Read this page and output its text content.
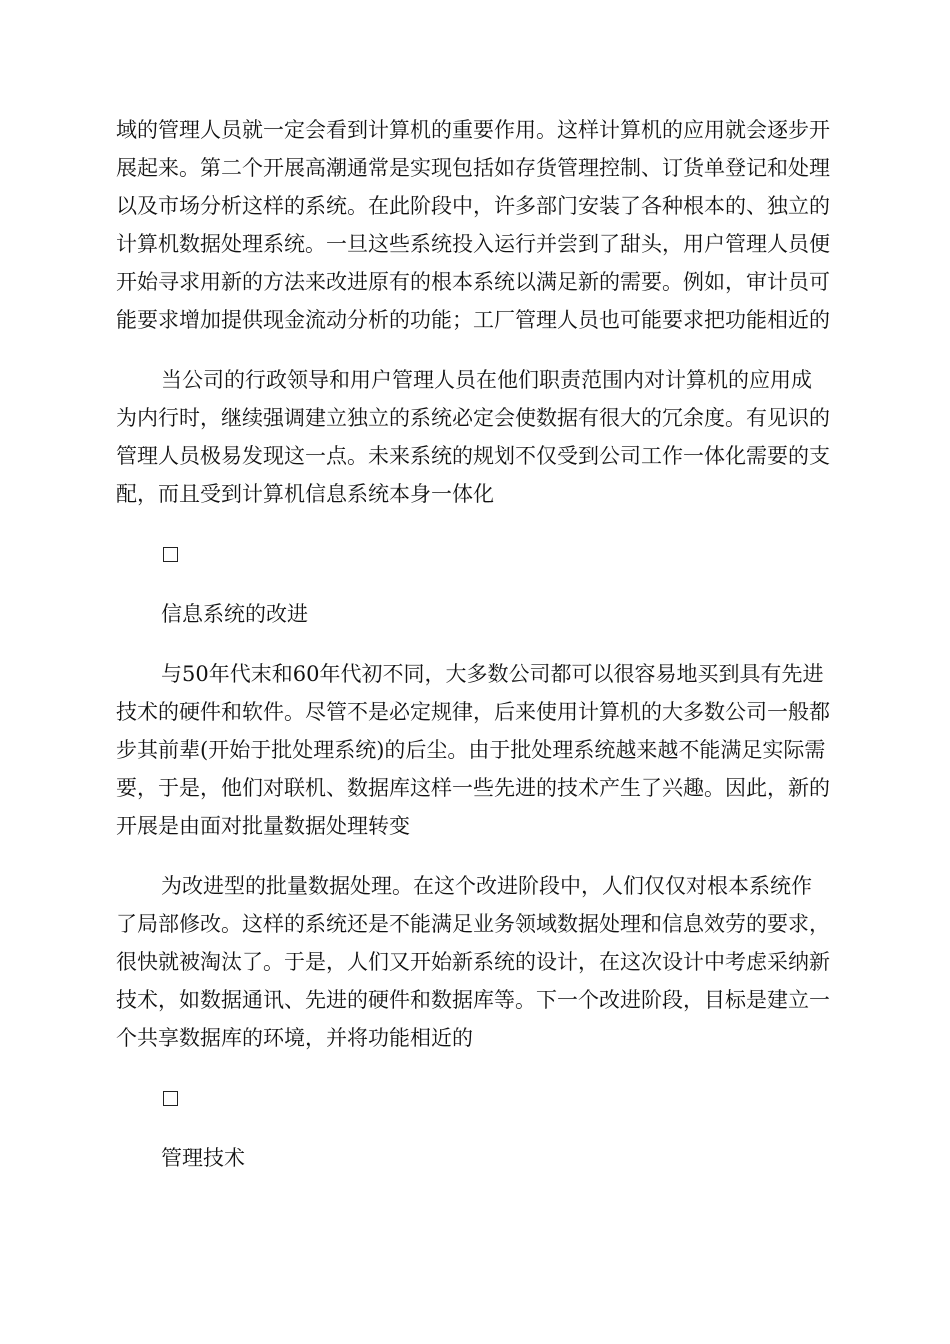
域的管理人员就一定会看到计算机的重要作用。这样计算机的应用就会逐步开展起来。第二个开展高潮通常是实现包括如存货管理控制、订货单登记和处理以及市场分析这样的系统。在此阶段中，许多部门安装了各种根本的、独立的计算机数据处理系统。一旦这些系统投入运行并尝到了甜头，用户管理人员便开始寻求用新的方法来改进原有的根本系统以满足新的需要。例如，审计员可能要求增加提供现金流动分析的功能；工厂管理人员也可能要求把功能相近的

当公司的行政领导和用户管理人员在他们职责范围内对计算机的应用成为内行时，继续强调建立独立的系统必定会使数据有很大的冗余度。有见识的管理人员极易发现这一点。未来系统的规划不仅受到公司工作一体化需要的支配，而且受到计算机信息系统本身一体化

信息系统的改进

与50年代末和60年代初不同，大多数公司都可以很容易地买到具有先进技术的硬件和软件。尽管不是必定规律，后来使用计算机的大多数公司一般都步其前辈(开始于批处理系统)的后尘。由于批处理系统越来越不能满足实际需要，于是，他们对联机、数据库这样一些先进的技术产生了兴趣。因此，新的开展是由面对批量数据处理转变

为改进型的批量数据处理。在这个改进阶段中，人们仅仅对根本系统作了局部修改。这样的系统还是不能满足业务领域数据处理和信息效劳的要求，很快就被淘汰了。于是，人们又开始新系统的设计，在这次设计中考虑采纳新技术，如数据通讯、先进的硬件和数据库等。下一个改进阶段，目标是建立一个共享数据库的环境，并将功能相近的

管理技术
